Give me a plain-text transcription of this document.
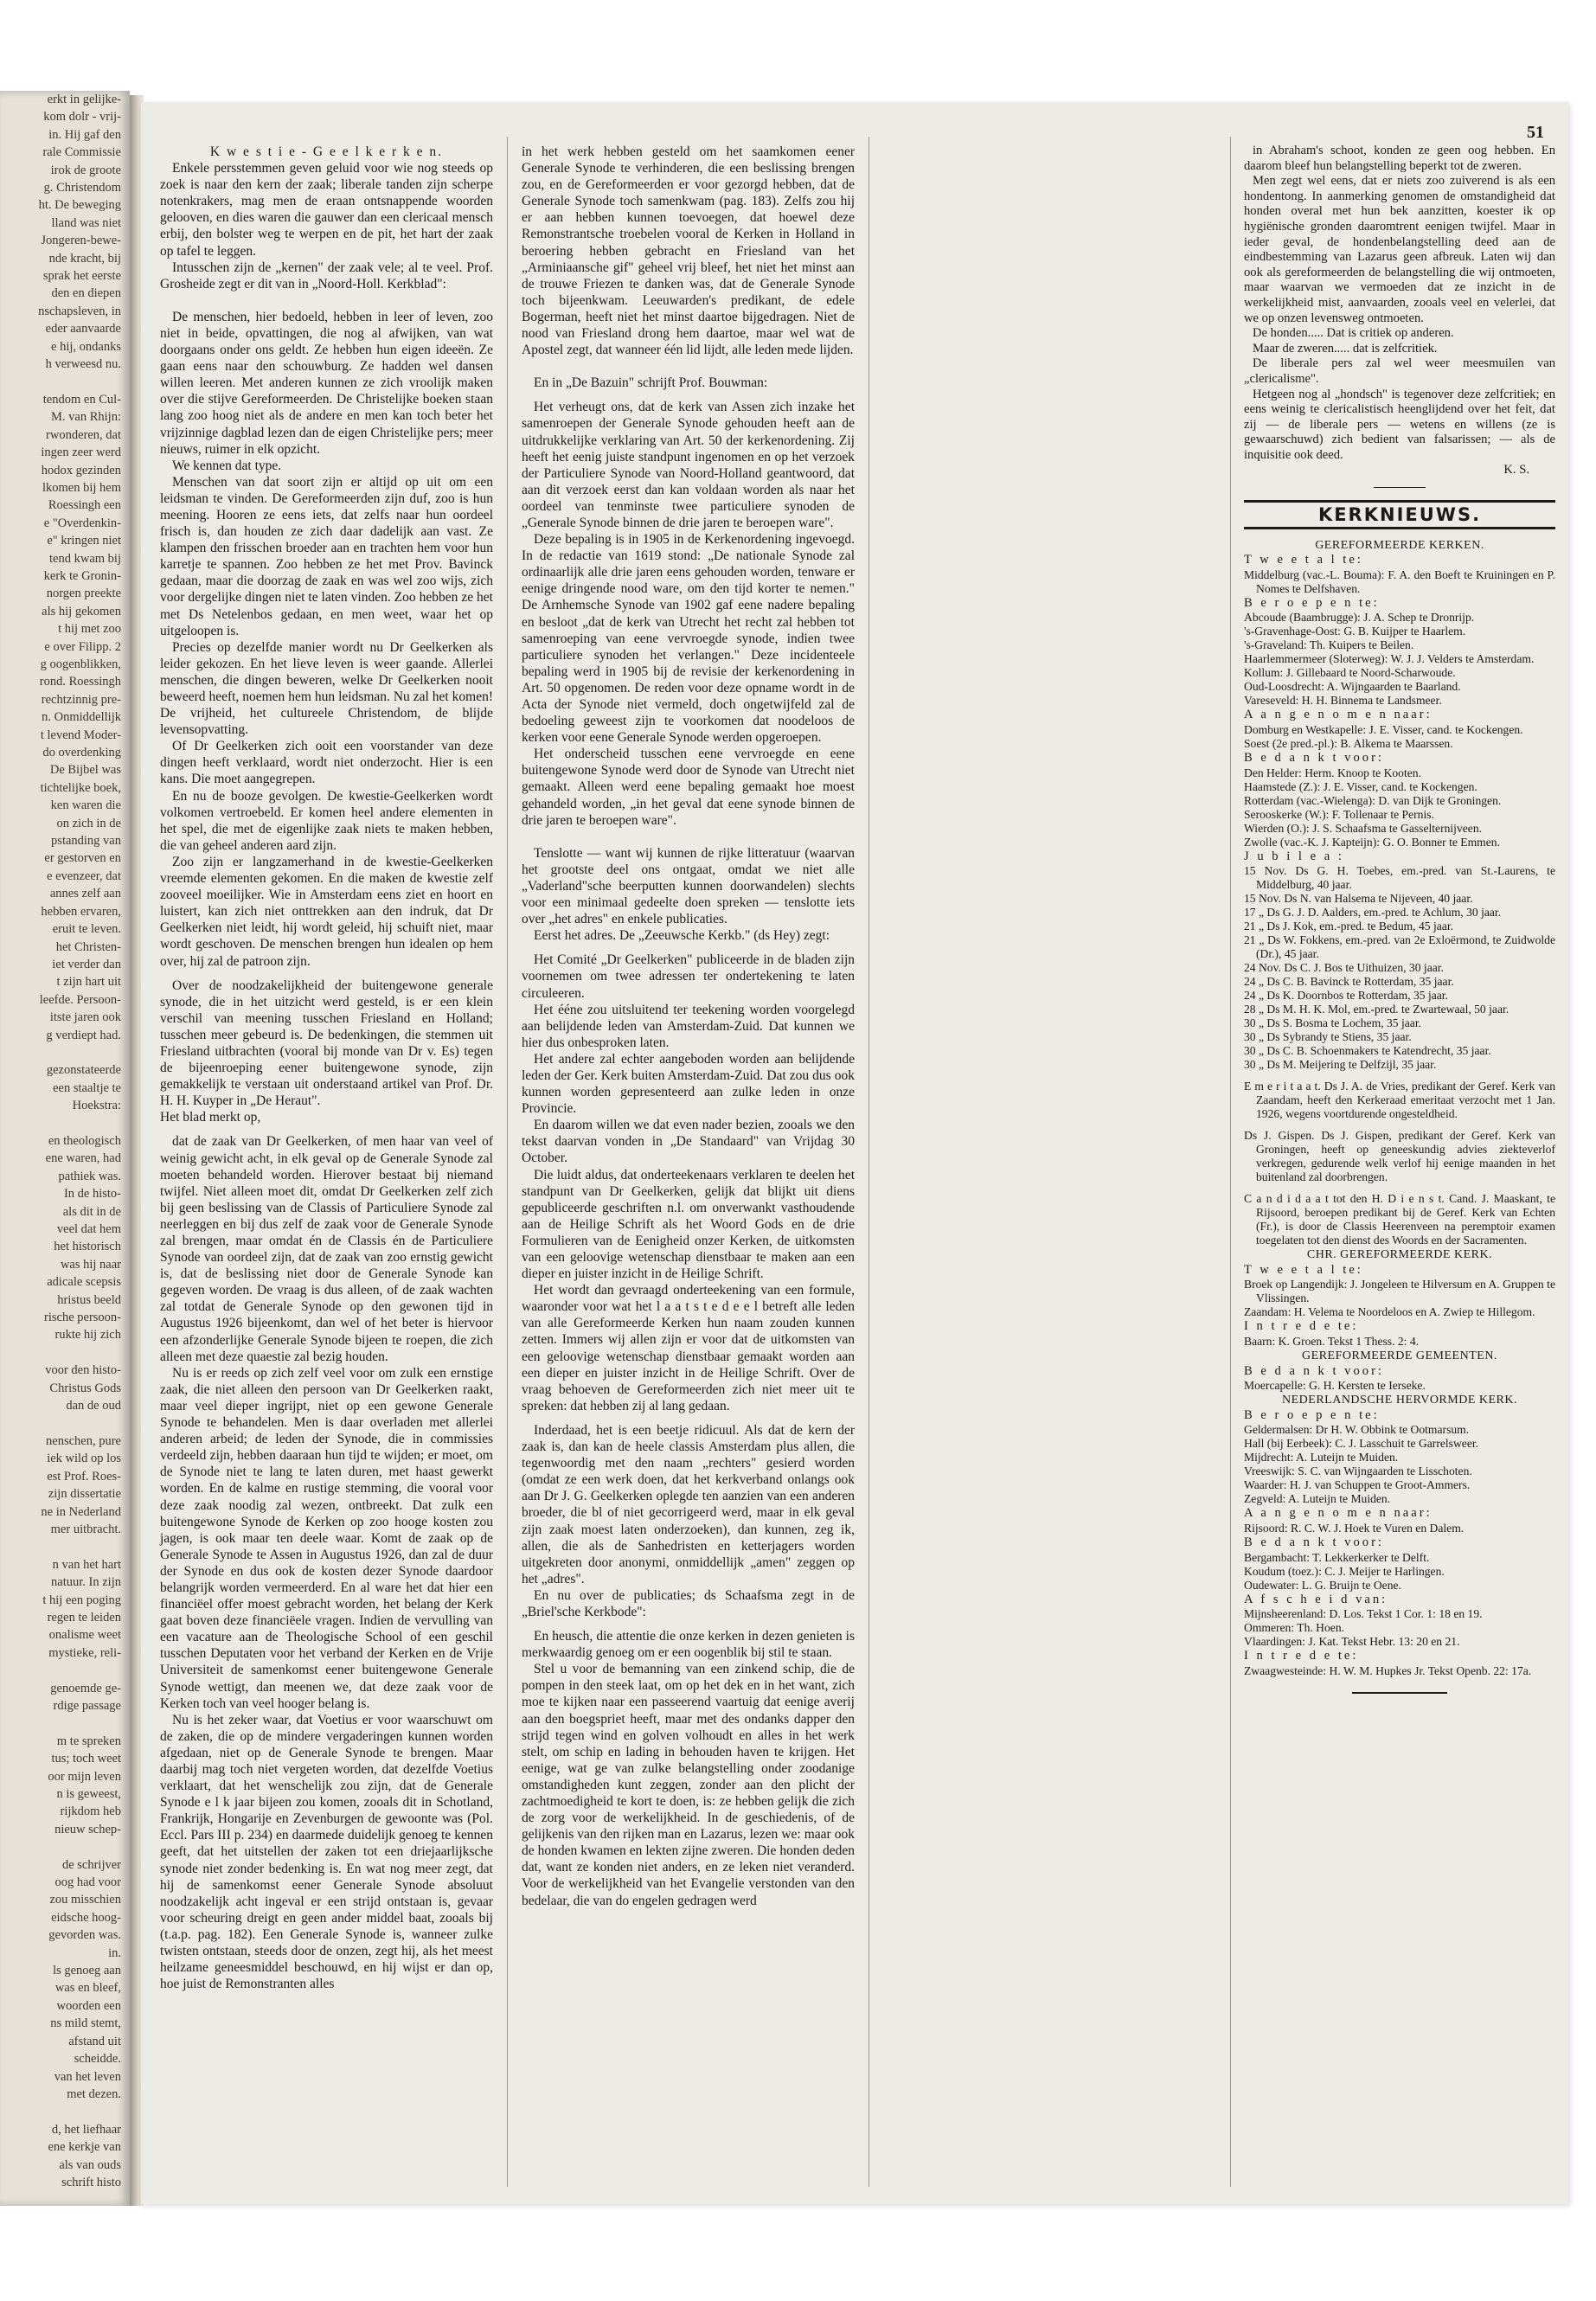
erkt in gelijke-
kom dolr - vrij-
in. Hij gaf den
rale Commissie
irok de groote
g. Christendom
ht. De beweging
lland was niet
Jongeren-bewe-
nde kracht, bij
sprak het eerste
den en diepen
nschapsleven, in
eder aanvaarde
e hij, ondanks
h verweesd nu.

tendom en Cul-
M. van Rhijn:
rwonderen, dat
ingen zeer werd
hodox gezinden
lkomen bij hem
Roessingh een
e "Overdenkin-
e" kringen niet
tend kwam bij
kerk te Gronin-
norgen preekte
als hij gekomen
t hij met zoo
e over Filipp. 2
g oogenblikken,
rond. Roessingh
rechtzinnig pre-
n. Onmiddellijk
t levend Moder-
do overdenking
De Bijbel was
tichtelijke boek,
ken waren die
on zich in de
pstanding van
er gestorven en
e evenzeer, dat
annes zelf aan
hebben ervaren,
eruit te leven.
het Christen-
iet verder dan
t zijn hart uit
leefde. Persoon-
itste jaren ook
g verdiept had.

gezonstateerde
een staaltje te
Hoekstra:

en theologisch
ene waren, had
pathiek was.
In de histo-
als dit in de
veel dat hem
het historisch
was hij naar
adicale scepsis
hristus beeld
rische persoon-
rukte hij zich

voor den histo-
Christus Gods
dan de oud

nenschen, pure
iek wild op los
est Prof. Roes-
zijn dissertatie
ne in Nederland
mer uitbracht.

n van het hart
natuur. In zijn
t hij een poging
regen te leiden
onalisme weet
mystieke, reli-

genoemde ge-
rdige passage

m te spreken
tus; toch weet
oor mijn leven
n is geweest,
rijkdom heb
nieuw schep-

de schrijver
oog had voor
zou misschien
eidsche hoog-
gevorden was.
in.
ls genoeg aan
was en bleef,
woorden een
ns mild stemt,
afstand uit
scheidde.
van het leven
met dezen.

d, het liefhaar
ene kerkje van
als van ouds
schrift histo
51

K w e s t i e - G e e l k e r k e n.

Enkele persstemmen geven geluid voor wie nog steeds op zoek is naar den kern der zaak; liberale tanden zijn scherpe notenkrakers, mag men de eraan ontsnappende woorden gelooven, en dies waren die gauwer dan een clericaal mensch erbij, den bolster weg te werpen en de pit, het hart der zaak op tafel te leggen.

Intusschen zijn de „kernen" der zaak vele; al te veel. Prof. Grosheide zegt er dit van in „Noord-Holl. Kerkblad":

De menschen, hier bedoeld, hebben in leer of leven, zoo niet in beide, opvattingen, die nog al afwijken, van wat doorgaans onder ons geldt. Ze hebben hun eigen ideeën. Ze gaan eens naar den schouwburg. Ze hadden wel dansen willen leeren. Met anderen kunnen ze zich vroolijk maken over die stijve Gereformeerden. De Christelijke boeken staan lang zoo hoog niet als de andere en men kan toch beter het vrijzinnige dagblad lezen dan de eigen Christelijke pers; meer nieuws, ruimer in elk opzicht.

We kennen dat type.

Menschen van dat soort zijn er altijd op uit om een leidsman te vinden. De Gereformeerden zijn duf, zoo is hun meening. Hooren ze eens iets, dat zelfs naar hun oordeel frisch is, dan houden ze zich daar dadelijk aan vast. Ze klampen den frisschen broeder aan en trachten hem voor hun karretje te spannen. Zoo hebben ze het met Prov. Bavinck gedaan, maar die doorzag de zaak en was wel zoo wijs, zich voor dergelijke dingen niet te laten vinden. Zoo hebben ze het met Ds Netelenbos gedaan, en men weet, waar het op uitgeloopen is.

Precies op dezelfde manier wordt nu Dr Geelkerken als leider gekozen. En het lieve leven is weer gaande. Allerlei menschen, die dingen beweren, welke Dr Geelkerken nooit beweerd heeft, noemen hem hun leidsman. Nu zal het komen! De vrijheid, het cultureele Christendom, de blijde levensopvatting.

Of Dr Geelkerken zich ooit een voorstander van deze dingen heeft verklaard, wordt niet onderzocht. Hier is een kans. Die moet aangegrepen.

En nu de booze gevolgen. De kwestie-Geelkerken wordt volkomen vertroebeld. Er komen heel andere elementen in het spel, die met de eigenlijke zaak niets te maken hebben, die van geheel anderen aard zijn.

Zoo zijn er langzamerhand in de kwestie-Geelkerken vreemde elementen gekomen. En die maken de kwestie zelf zooveel moeilijker. Wie in Amsterdam eens ziet en hoort en luistert, kan zich niet onttrekken aan den indruk, dat Dr Geelkerken niet leidt, hij wordt geleid, hij schuift niet, maar wordt geschoven. De menschen brengen hun idealen op hem over, hij zal de patroon zijn.

Over de noodzakelijkheid der buitengewone generale synode, die in het uitzicht werd gesteld, is er een klein verschil van meening tusschen Friesland en Holland; tusschen meer gebeurd is. De bedenkingen, die stemmen uit Friesland uitbrachten (vooral bij monde van Dr v. Es) tegen de bijeenroeping eener buitengewone synode, zijn gemakkelijk te verstaan uit onderstaand artikel van Prof. Dr. H. H. Kuyper in „De Heraut".

Het blad merkt op,

dat de zaak van Dr Geelkerken, of men haar van veel of weinig gewicht acht, in elk geval op de Generale Synode zal moeten behandeld worden. Hierover bestaat bij niemand twijfel. Niet alleen moet dit, omdat Dr Geelkerken zelf zich bij geen beslissing van de Classis of Particuliere Synode zal neerleggen en bij dus zelf de zaak voor de Generale Synode zal brengen, maar omdat én de Classis én de Particuliere Synode van oordeel zijn, dat de zaak van zoo ernstig gewicht is, dat de beslissing niet door de Generale Synode kan gegeven worden. De vraag is dus alleen, of de zaak wachten zal totdat de Generale Synode op den gewonen tijd in Augustus 1926 bijeenkomt, dan wel of het beter is hiervoor een afzonderlijke Generale Synode bijeen te roepen, die zich alleen met deze quaestie zal bezig houden.

Nu is er reeds op zich zelf veel voor om zulk een ernstige zaak, die niet alleen den persoon van Dr Geelkerken raakt, maar veel dieper ingrijpt, niet op een gewone Generale Synode te behandelen. Men is daar overladen met allerlei anderen arbeid; de leden der Synode, die in commissies verdeeld zijn, hebben daaraan hun tijd te wijden; er moet, om de Synode niet te lang te laten duren, met haast gewerkt worden. En de kalme en rustige stemming, die vooral voor deze zaak noodig zal wezen, ontbreekt. Dat zulk een buitengewone Synode de Kerken op zoo hooge kosten zou jagen, is ook maar ten deele waar. Komt de zaak op de Generale Synode te Assen in Augustus 1926, dan zal de duur der Synode en dus ook de kosten dezer Synode daardoor belangrijk worden vermeerderd. En al ware het dat hier een financiëel offer moest gebracht worden, het belang der Kerk gaat boven deze financiëele vragen. Indien de vervulling van een vacature aan de Theologische School of een geschil tusschen Deputaten voor het verband der Kerken en de Vrije Universiteit de samenkomst eener buitengewone Generale Synode wettigt, dan meenen we, dat deze zaak voor de Kerken toch van veel hooger belang is.

Nu is het zeker waar, dat Voetius er voor waarschuwt om de zaken, die op de mindere vergaderingen kunnen worden afgedaan, niet op de Generale Synode te brengen. Maar daarbij mag toch niet vergeten worden, dat dezelfde Voetius verklaart, dat het wenschelijk zou zijn, dat de Generale Synode e l k jaar bijeen zou komen, zooals dit in Schotland, Frankrijk, Hongarije en Zevenburgen de gewoonte was (Pol. Eccl. Pars III p. 234) en daarmede duidelijk genoeg te kennen geeft, dat het uitstellen der zaken tot een driejaarlijksche synode niet zonder bedenking is. En wat nog meer zegt, dat hij de samenkomst eener Generale Synode absoluut noodzakelijk acht ingeval er een strijd ontstaan is, gevaar voor scheuring dreigt en geen ander middel baat, zooals bij (t.a.p. pag. 182). Een Generale Synode is, wanneer zulke twisten ontstaan, steeds door de onzen, zegt hij, als het meest heilzame geneesmiddel beschouwd, en hij wijst er dan op, hoe juist de Remonstranten alles

in het werk hebben gesteld om het saamkomen eener Generale Synode te verhinderen, die een beslissing brengen zou, en de Gereformeerden er voor gezorgd hebben, dat de Generale Synode toch samenkwam (pag. 183). Zelfs zou hij er aan hebben kunnen toevoegen, dat hoewel deze Remonstrantsche troebelen vooral de Kerken in Holland in beroering hebben gebracht en Friesland van het „Arminiaansche gif" geheel vrij bleef, het niet het minst aan de trouwe Friezen te danken was, dat de Generale Synode toch bijeenkwam. Leeuwarden's predikant, de edele Bogerman, heeft niet het minst daartoe bijgedragen. Niet de nood van Friesland drong hem daartoe, maar wel wat de Apostel zegt, dat wanneer één lid lijdt, alle leden mede lijden.

En in „De Bazuin" schrijft Prof. Bouwman:

Het verheugt ons, dat de kerk van Assen zich inzake het samenroepen der Generale Synode gehouden heeft aan de uitdrukkelijke verklaring van Art. 50 der kerkenordening. Zij heeft het eenig juiste standpunt ingenomen en op het verzoek der Particuliere Synode van Noord-Holland geantwoord, dat aan dit verzoek eerst dan kan voldaan worden als naar het oordeel van tenminste twee particuliere synoden de „Generale Synode binnen de drie jaren te beroepen ware".

Deze bepaling is in 1905 in de Kerkenordening ingevoegd. In de redactie van 1619 stond: „De nationale Synode zal ordinaarlijk alle drie jaren eens gehouden worden, tenware er eenige dringende nood ware, om den tijd korter te nemen." De Arnhemsche Synode van 1902 gaf eene nadere bepaling en besloot „dat de kerk van Utrecht het recht zal hebben tot samenroeping van eene vervroegde synode, indien twee particuliere synoden het verlangen." Deze incidenteele bepaling werd in 1905 bij de revisie der kerkenordening in Art. 50 opgenomen. De reden voor deze opname wordt in de Acta der Synode niet vermeld, doch ongetwijfeld zal de bedoeling geweest zijn te voorkomen dat noodeloos de kerken voor eene Generale Synode werden opgeroepen.

Het onderscheid tusschen eene vervroegde en eene buitengewone Synode werd door de Synode van Utrecht niet gemaakt. Alleen werd eene bepaling gemaakt hoe moest gehandeld worden, „in het geval dat eene synode binnen de drie jaren te beroepen ware".

Tenslotte — want wij kunnen de rijke litteratuur (waarvan het grootste deel ons ontgaat, omdat we niet alle „Vaderland"sche beerputten kunnen doorwandelen) slechts voor een minimaal gedeelte doen spreken — tenslotte iets over „het adres" en enkele publicaties.

Eerst het adres. De „Zeeuwsche Kerkb." (ds Hey) zegt:

Het Comité „Dr Geelkerken" publiceerde in de bladen zijn voornemen om twee adressen ter ondertekening te laten circuleeren.

Het ééne zou uitsluitend ter teekening worden voorgelegd aan belijdende leden van Amsterdam-Zuid. Dat kunnen we hier dus onbesproken laten.

Het andere zal echter aangeboden worden aan belijdende leden der Ger. Kerk buiten Amsterdam-Zuid. Dat zou dus ook kunnen worden gepresenteerd aan zulke leden in onze Provincie.

En daarom willen we dat even nader bezien, zooals we den tekst daarvan vonden in „De Standaard" van Vrijdag 30 October.

Die luidt aldus, dat onderteekenaars verklaren te deelen het standpunt van Dr Geelkerken, gelijk dat blijkt uit diens gepubliceerde geschriften n.l. om onverwankt vasthoudende aan de Heilige Schrift als het Woord Gods en de drie Formulieren van de Eenigheid onzer Kerken, de uitkomsten van een geloovige wetenschap dienstbaar te maken aan een dieper en juister inzicht in de Heilige Schrift.

Het wordt dan gevraagd onderteekening van een formule, waaronder voor wat het l a a t s t e d e e l betreft alle leden van alle Gereformeerde Kerken hun naam zouden kunnen zetten. Immers wij allen zijn er voor dat de uitkomsten van een geloovige wetenschap dienstbaar gemaakt worden aan een dieper en juister inzicht in de Heilige Schrift. Over de vraag behoeven de Gereformeerden zich niet meer uit te spreken: dat hebben zij al lang gedaan.

Inderdaad, het is een beetje ridicuul. Als dat de kern der zaak is, dan kan de heele classis Amsterdam plus allen, die tegenwoordig met den naam „rechters" gesierd worden (omdat ze een werk doen, dat het kerkverband onlangs ook aan Dr J. G. Geelkerken oplegde ten aanzien van een anderen broeder, die bl of niet gecorrigeerd werd, maar in elk geval zijn zaak moest laten onderzoeken), dan kunnen, zeg ik, allen, die als de Sanhedristen en ketterjagers worden uitgekreten door anonymi, onmiddellijk „amen" zeggen op het „adres".

En nu over de publicaties; ds Schaafsma zegt in de „Briel'sche Kerkbode":

En heusch, die attentie die onze kerken in dezen genieten is merkwaardig genoeg om er een oogenblik bij stil te staan.

Stel u voor de bemanning van een zinkend schip, die de pompen in den steek laat, om op het dek en in het want, zich moe te kijken naar een passeerend vaartuig dat eenige averij aan den boegspriet heeft, maar met des ondanks dapper den strijd tegen wind en golven volhoudt en alles in het werk stelt, om schip en lading in behouden haven te krijgen. Het eenige, wat ge van zulke belangstelling onder zoodanige omstandigheden kunt zeggen, zonder aan den plicht der zachtmoedigheid te kort te doen, is: ze hebben gelijk die zich de zorg voor de werkelijkheid. In de geschiedenis, of de gelijkenis van den rijken man en Lazarus, lezen we: maar ook de honden kwamen en lekten zijne zweren. Die honden deden dat, want ze konden niet anders, en ze leken niet veranderd. Voor de werkelijkheid van het Evangelie verstonden van den bedelaar, die van do engelen gedragen werd

in Abraham's schoot, konden ze geen oog hebben. En daarom bleef hun belangstelling beperkt tot de zweren.

Men zegt wel eens, dat er niets zoo zuiverend is als een hondentong. In aanmerking genomen de omstandigheid dat honden overal met hun bek aanzitten, koester ik op hygiënische gronden daaromtrent eenigen twijfel. Maar in ieder geval, de hondenbelangstelling deed aan de eindbestemming van Lazarus geen afbreuk. Laten wij dan ook als gereformeerden de belangstelling die wij ontmoeten, maar waarvan we vermoeden dat ze inzicht in de werkelijkheid mist, aanvaarden, zooals veel en velerlei, dat we op onzen levensweg ontmoeten.

De honden..... Dat is critiek op anderen.

Maar de zweren..... dat is zelfcritiek.

De liberale pers zal wel weer meesmuilen van „clericalisme".

Hetgeen nog al „hondsch" is tegenover deze zelfcritiek; en eens weinig te clericalistisch heenglijdend over het feit, dat zij — de liberale pers — wetens en willens (ze is gewaarschuwd) zich bedient van falsarissen; — als de inquisitie ook deed.

K. S.

KERKNIEUWS.

GEREFORMEERDE KERKEN.

T w e e t a l te:

Middelburg (vac.-L. Bouma): F. A. den Boeft te Kruiningen en P. Nomes te Delfshaven.

B e r o e p e n te:

Abcoude (Baambrugge): J. A. Schep te Dronrijp.

's-Gravenhage-Oost: G. B. Kuijper te Haarlem.

's-Graveland: Th. Kuipers te Beilen.

Haarlemmermeer (Sloterweg): W. J. J. Velders te Amsterdam.

Kollum: J. Gillebaard te Noord-Scharwoude.

Oud-Loosdrecht: A. Wijngaarden te Baarland.

Vareseveld: H. H. Binnema te Landsmeer.

A a n g e n o m e n naar:

Domburg en Westkapelle: J. E. Visser, cand. te Kockengen.

Soest (2e pred.-pl.): B. Alkema te Maarssen.

B e d a n k t voor:

Den Helder: Herm. Knoop te Kooten.

Haamstede (Z.): J. E. Visser, cand. te Kockengen.

Rotterdam (vac.-Wielenga): D. van Dijk te Groningen.

Serooskerke (W.): F. Tollenaar te Pernis.

Wierden (O.): J. S. Schaafsma te Gasselternijveen.

Zwolle (vac.-K. J. Kapteijn): G. O. Bonner te Emmen.

J u b i l e a :

15 Nov. Ds G. H. Toebes, em.-pred. van St.-Laurens, te Middelburg, 40 jaar.

15 Nov. Ds N. van Halsema te Nijeveen, 40 jaar.

17 „ Ds G. J. D. Aalders, em.-pred. te Achlum, 30 jaar.

21 „ Ds J. Kok, em.-pred. te Bedum, 45 jaar.

21 „ Ds W. Fokkens, em.-pred. van 2e Exloërmond, te Zuidwolde (Dr.), 45 jaar.

24 Nov. Ds C. J. Bos te Uithuizen, 30 jaar.

24 „ Ds C. B. Bavinck te Rotterdam, 35 jaar.

24 „ Ds K. Doornbos te Rotterdam, 35 jaar.

28 „ Ds M. H. K. Mol, em.-pred. te Zwartewaal, 50 jaar.

30 „ Ds S. Bosma te Lochem, 35 jaar.

30 „ Ds Sybrandy te Stiens, 35 jaar.

30 „ Ds C. B. Schoenmakers te Katendrecht, 35 jaar.

30 „ Ds M. Meijering te Delfzijl, 35 jaar.

E m e r i t a a t. Ds J. A. de Vries, predikant der Geref. Kerk van Zaandam, heeft den Kerkeraad emeritaat verzocht met 1 Jan. 1926, wegens voortdurende ongesteldheid.

Ds J. Gispen. Ds J. Gispen, predikant der Geref. Kerk van Groningen, heeft op geneeskundig advies ziekteverlof verkregen, gedurende welk verlof hij eenige maanden in het buitenland zal doorbrengen.

C a n d i d a a t tot den H. D i e n s t. Cand. J. Maaskant, te Rijsoord, beroepen predikant bij de Geref. Kerk van Echten (Fr.), is door de Classis Heerenveen na peremptoir examen toegelaten tot den dienst des Woords en der Sacramenten.

CHR. GEREFORMEERDE KERK.

T w e e t a l te:

Broek op Langendijk: J. Jongeleen te Hilversum en A. Gruppen te Vlissingen.

Zaandam: H. Velema te Noordeloos en A. Zwiep te Hillegom.

I n t r e d e te:

Baarn: K. Groen. Tekst 1 Thess. 2: 4.

GEREFORMEERDE GEMEENTEN.

B e d a n k t voor:

Moercapelle: G. H. Kersten te Ierseke.

NEDERLANDSCHE HERVORMDE KERK.

B e r o e p e n te:

Geldermalsen: Dr H. W. Obbink te Ootmarsum.

Hall (bij Eerbeek): C. J. Lasschuit te Garrelsweer.

Mijdrecht: A. Luteijn te Muiden.

Vreeswijk: S. C. van Wijngaarden te Lisschoten.

Waarder: H. J. van Schuppen te Groot-Ammers.

Zegveld: A. Luteijn te Muiden.

A a n g e n o m e n naar:

Rijsoord: R. C. W. J. Hoek te Vuren en Dalem.

B e d a n k t voor:

Bergambacht: T. Lekkerkerker te Delft.

Koudum (toez.): C. J. Meijer te Harlingen.

Oudewater: L. G. Bruijn te Oene.

A f s c h e i d van:

Mijnsheerenland: D. Los. Tekst 1 Cor. 1: 18 en 19.

Ommeren: Th. Hoen.

Vlaardingen: J. Kat. Tekst Hebr. 13: 20 en 21.

I n t r e d e te:

Zwaagwesteinde: H. W. M. Hupkes Jr. Tekst Openb. 22: 17a.
